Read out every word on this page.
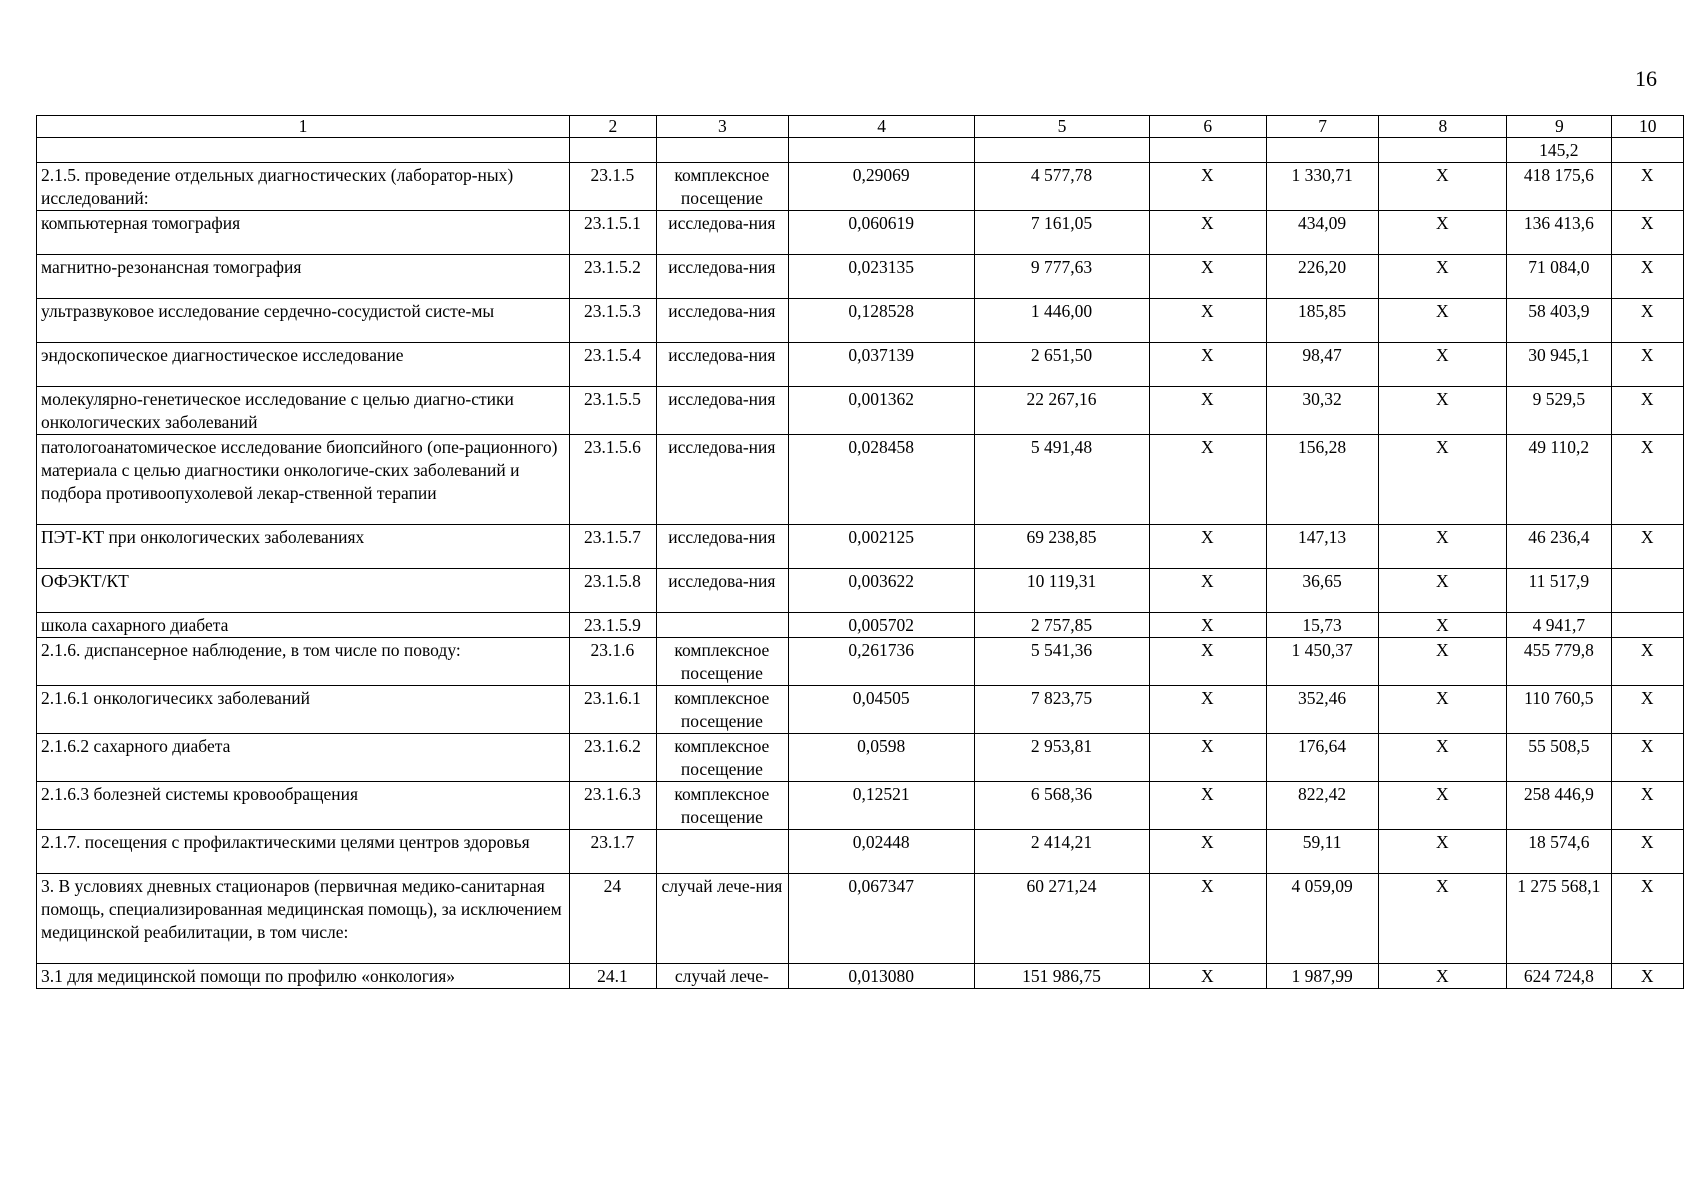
16
1	2	3	4	5	6	7	8	9	10
								145,2	
2.1.5. проведение отдельных диагностических (лаборатор-ных) исследований:	23.1.5	комплексное посещение	0,29069	4 577,78	X	1 330,71	X	418 175,6	X
компьютерная томография	23.1.5.1	исследова-ния	0,060619	7 161,05	X	434,09	X	136 413,6	X
магнитно-резонансная томография	23.1.5.2	исследова-ния	0,023135	9 777,63	X	226,20	X	71 084,0	X
ультразвуковое исследование сердечно-сосудистой систе-мы	23.1.5.3	исследова-ния	0,128528	1 446,00	X	185,85	X	58 403,9	X
эндоскопическое диагностическое исследование	23.1.5.4	исследова-ния	0,037139	2 651,50	X	98,47	X	30 945,1	X
молекулярно-генетическое исследование с целью диагно-стики онкологических заболеваний	23.1.5.5	исследова-ния	0,001362	22 267,16	X	30,32	X	9 529,5	X
патологоанатомическое исследование биопсийного (опе-рационного) материала с целью диагностики онкологиче-ских заболеваний и подбора противоопухолевой лекар-ственной терапии	23.1.5.6	исследова-ния	0,028458	5 491,48	X	156,28	X	49 110,2	X
ПЭТ-КТ при онкологических заболеваниях	23.1.5.7	исследова-ния	0,002125	69 238,85	X	147,13	X	46 236,4	X
ОФЭКТ/КТ	23.1.5.8	исследова-ния	0,003622	10 119,31	X	36,65	X	11 517,9	
школа сахарного диабета	23.1.5.9		0,005702	2 757,85	X	15,73	X	4 941,7	
2.1.6. диспансерное наблюдение, в том числе по поводу:	23.1.6	комплексное посещение	0,261736	5 541,36	X	1 450,37	X	455 779,8	X
2.1.6.1 онкологичесикх заболеваний	23.1.6.1	комплексное посещение	0,04505	7 823,75	X	352,46	X	110 760,5	X
2.1.6.2 сахарного диабета	23.1.6.2	комплексное посещение	0,0598	2 953,81	X	176,64	X	55 508,5	X
2.1.6.3 болезней системы кровообращения	23.1.6.3	комплексное посещение	0,12521	6 568,36	X	822,42	X	258 446,9	X
2.1.7. посещения с профилактическими целями центров здоровья	23.1.7		0,02448	2 414,21	X	59,11	X	18 574,6	X
3. В условиях дневных стационаров (первичная медико-санитарная помощь, специализированная медицинская помощь), за исключением медицинской реабилитации, в том числе:	24	случай лече-ния	0,067347	60 271,24	X	4 059,09	X	1 275 568,1	X
3.1 для медицинской помощи по профилю «онкология»	24.1	случай лече-	0,013080	151 986,75	X	1 987,99	X	624 724,8	X
